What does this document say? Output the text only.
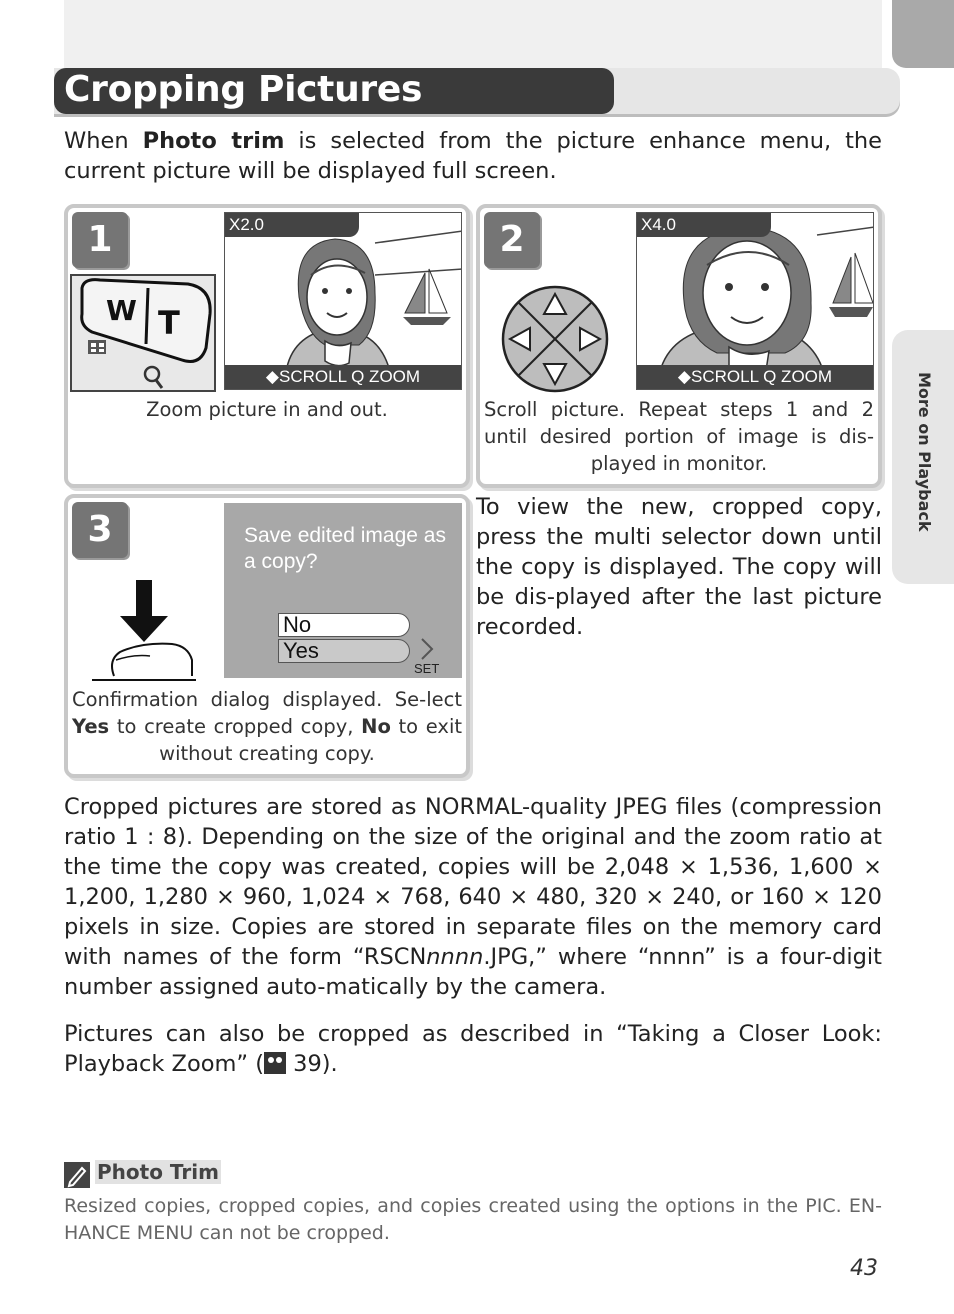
Cropping Pictures
More on Playback

When Photo trim is selected from the picture enhance menu, the current picture will be displayed full screen.

1
W T
X2.0
◆SCROLL Q ZOOM
Zoom picture in and out.
2	X4.0
◆SCROLL Q ZOOM
Scroll picture. Repeat steps 1 and 2 until desired portion of image is dis-played in monitor.
3	Save edited image as a copy?
No
Yes
SET
Confirmation dialog displayed. Se-lect Yes to create cropped copy, No to exit without creating copy.

To view the new, cropped copy, press the multi selector down until the copy is displayed. The copy will be dis-played after the last picture recorded.

Cropped pictures are stored as NORMAL-quality JPEG files (compression ratio 1 : 8). Depending on the size of the original and the zoom ratio at the time the copy was created, copies will be 2,048 × 1,536, 1,600 × 1,200, 1,280 × 960, 1,024 × 768, 640 × 480, 320 × 240, or 160 × 120 pixels in size. Copies are stored in separate files on the memory card with names of the form “RSCNnnnn.JPG,” where “nnnn” is a four-digit number assigned auto-matically by the camera.

Pictures can also be cropped as described in “Taking a Closer Look: Playback Zoom” (
39).

Photo Trim
Resized copies, cropped copies, and copies created using the options in the PIC. EN-HANCE MENU can not be cropped.
43
